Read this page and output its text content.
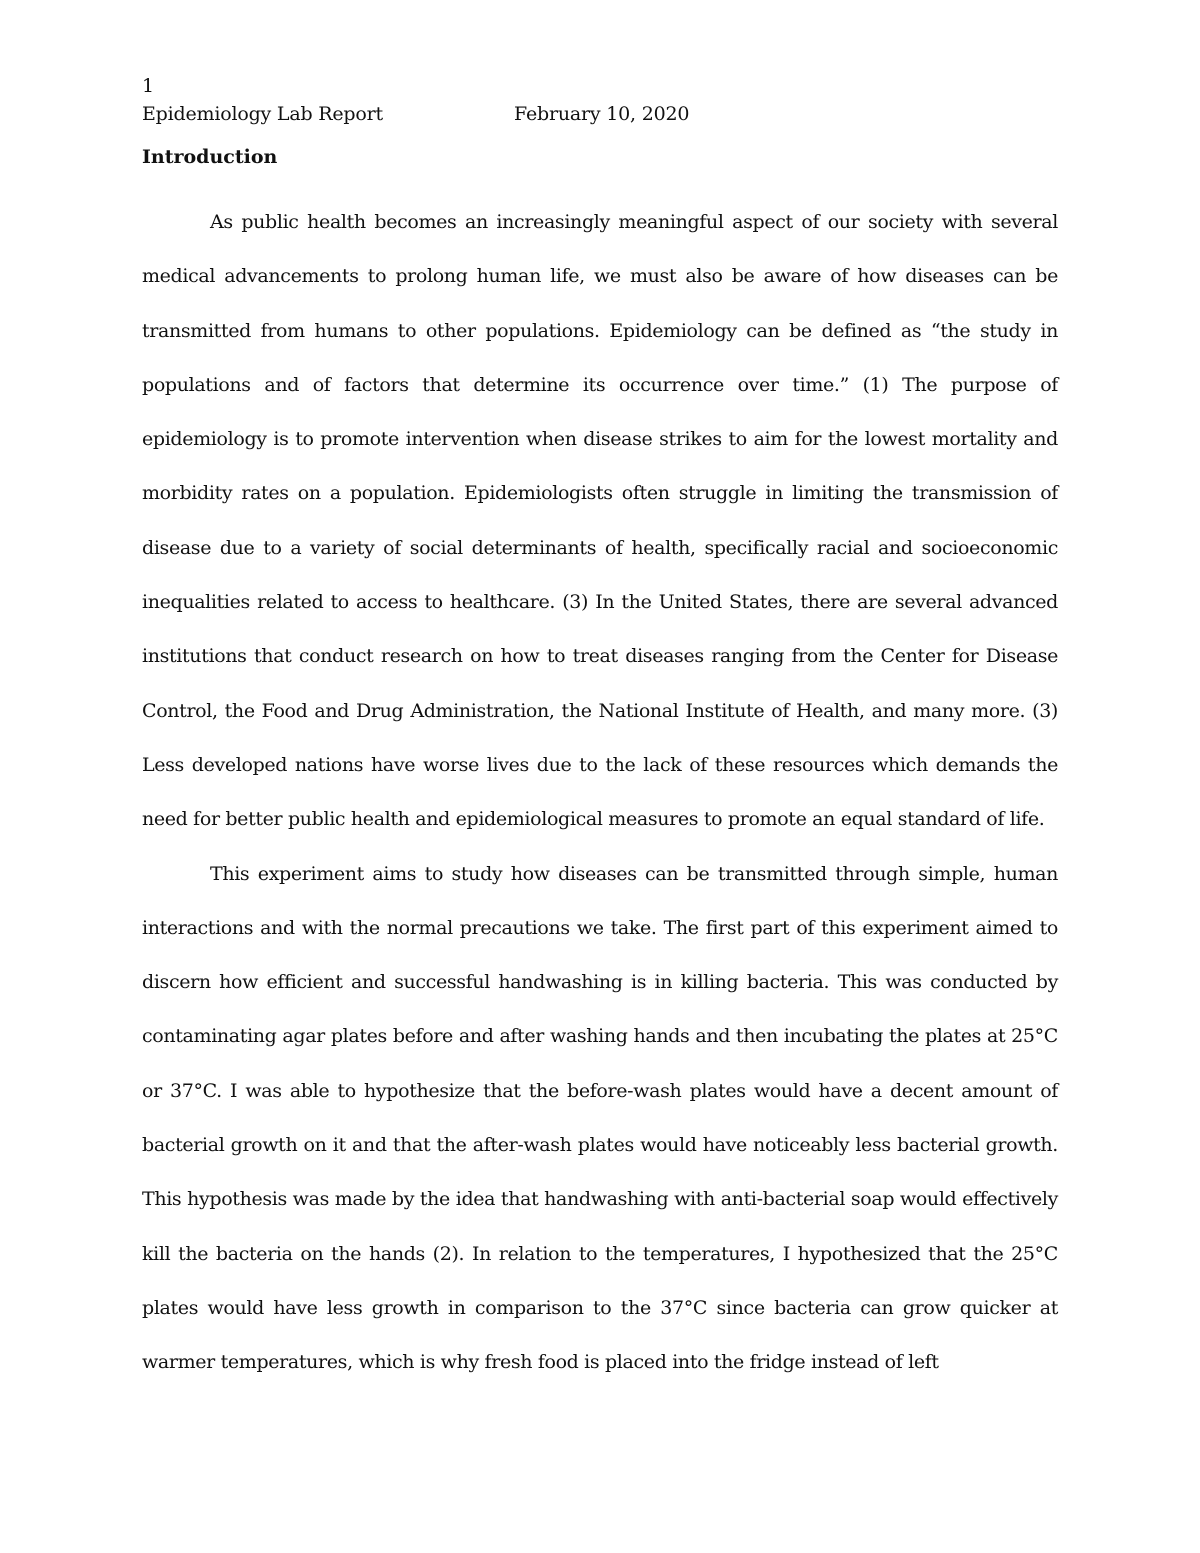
1
Epidemiology Lab Report	February 10, 2020
Introduction

As public health becomes an increasingly meaningful aspect of our society with several medical advancements to prolong human life, we must also be aware of how diseases can be transmitted from humans to other populations. Epidemiology can be defined as “the study in populations and of factors that determine its occurrence over time.” (1) The purpose of epidemiology is to promote intervention when disease strikes to aim for the lowest mortality and morbidity rates on a population. Epidemiologists often struggle in limiting the transmission of disease due to a variety of social determinants of health, specifically racial and socioeconomic inequalities related to access to healthcare. (3) In the United States, there are several advanced institutions that conduct research on how to treat diseases ranging from the Center for Disease Control, the Food and Drug Administration, the National Institute of Health, and many more. (3) Less developed nations have worse lives due to the lack of these resources which demands the need for better public health and epidemiological measures to promote an equal standard of life.

This experiment aims to study how diseases can be transmitted through simple, human interactions and with the normal precautions we take. The first part of this experiment aimed to discern how efficient and successful handwashing is in killing bacteria. This was conducted by contaminating agar plates before and after washing hands and then incubating the plates at 25°C or 37°C. I was able to hypothesize that the before-wash plates would have a decent amount of bacterial growth on it and that the after-wash plates would have noticeably less bacterial growth. This hypothesis was made by the idea that handwashing with anti-bacterial soap would effectively kill the bacteria on the hands (2). In relation to the temperatures, I hypothesized that the 25°C plates would have less growth in comparison to the 37°C since bacteria can grow quicker at warmer temperatures, which is why fresh food is placed into the fridge instead of left
